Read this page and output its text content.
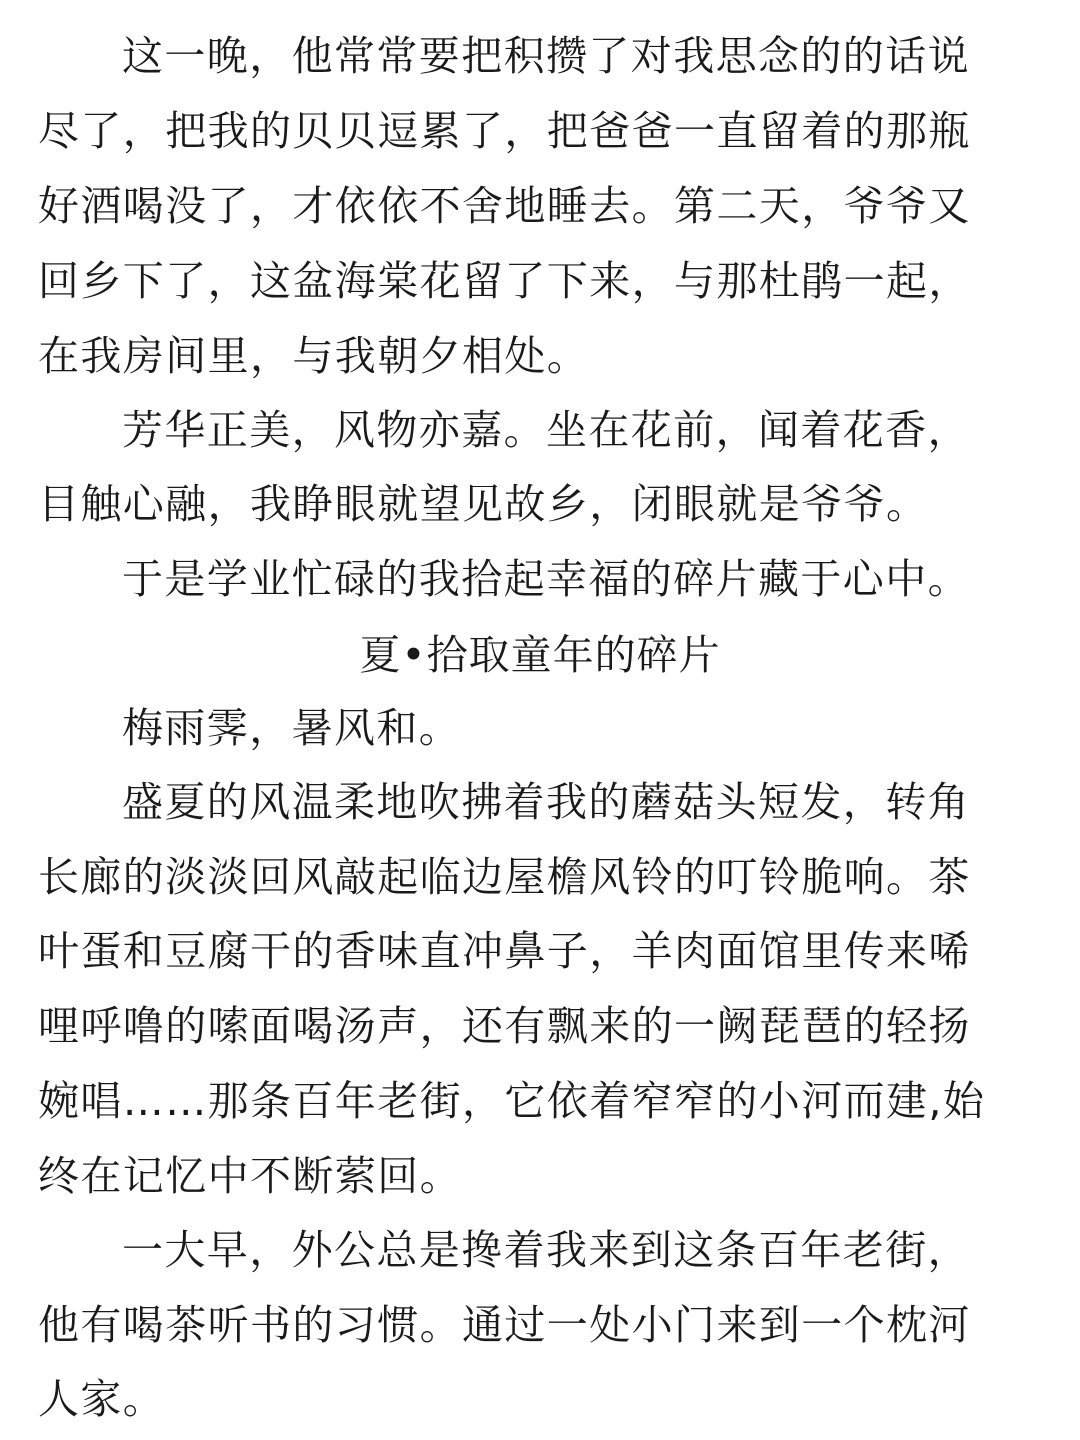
这一晚，他常常要把积攒了对我思念的的话说
尽了，把我的贝贝逗累了，把爸爸一直留着的那瓶
好酒喝没了，才依依不舍地睡去。第二天，爷爷又
回乡下了，这盆海棠花留了下来，与那杜鹃一起，
在我房间里，与我朝夕相处。
芳华正美，风物亦嘉。坐在花前，闻着花香，
目触心融，我睁眼就望见故乡，闭眼就是爷爷。
于是学业忙碌的我拾起幸福的碎片藏于心中。
夏•拾取童年的碎片
梅雨霁，暑风和。
盛夏的风温柔地吹拂着我的蘑菇头短发，转角
长廊的淡淡回风敲起临边屋檐风铃的叮铃脆响。茶
叶蛋和豆腐干的香味直冲鼻子，羊肉面馆里传来唏
哩呼噜的嗦面喝汤声，还有飘来的一阙琵琶的轻扬
婉唱……那条百年老街，它依着窄窄的小河而建,始
终在记忆中不断萦回。
一大早，外公总是搀着我来到这条百年老街，
他有喝茶听书的习惯。通过一处小门来到一个枕河
人家。
